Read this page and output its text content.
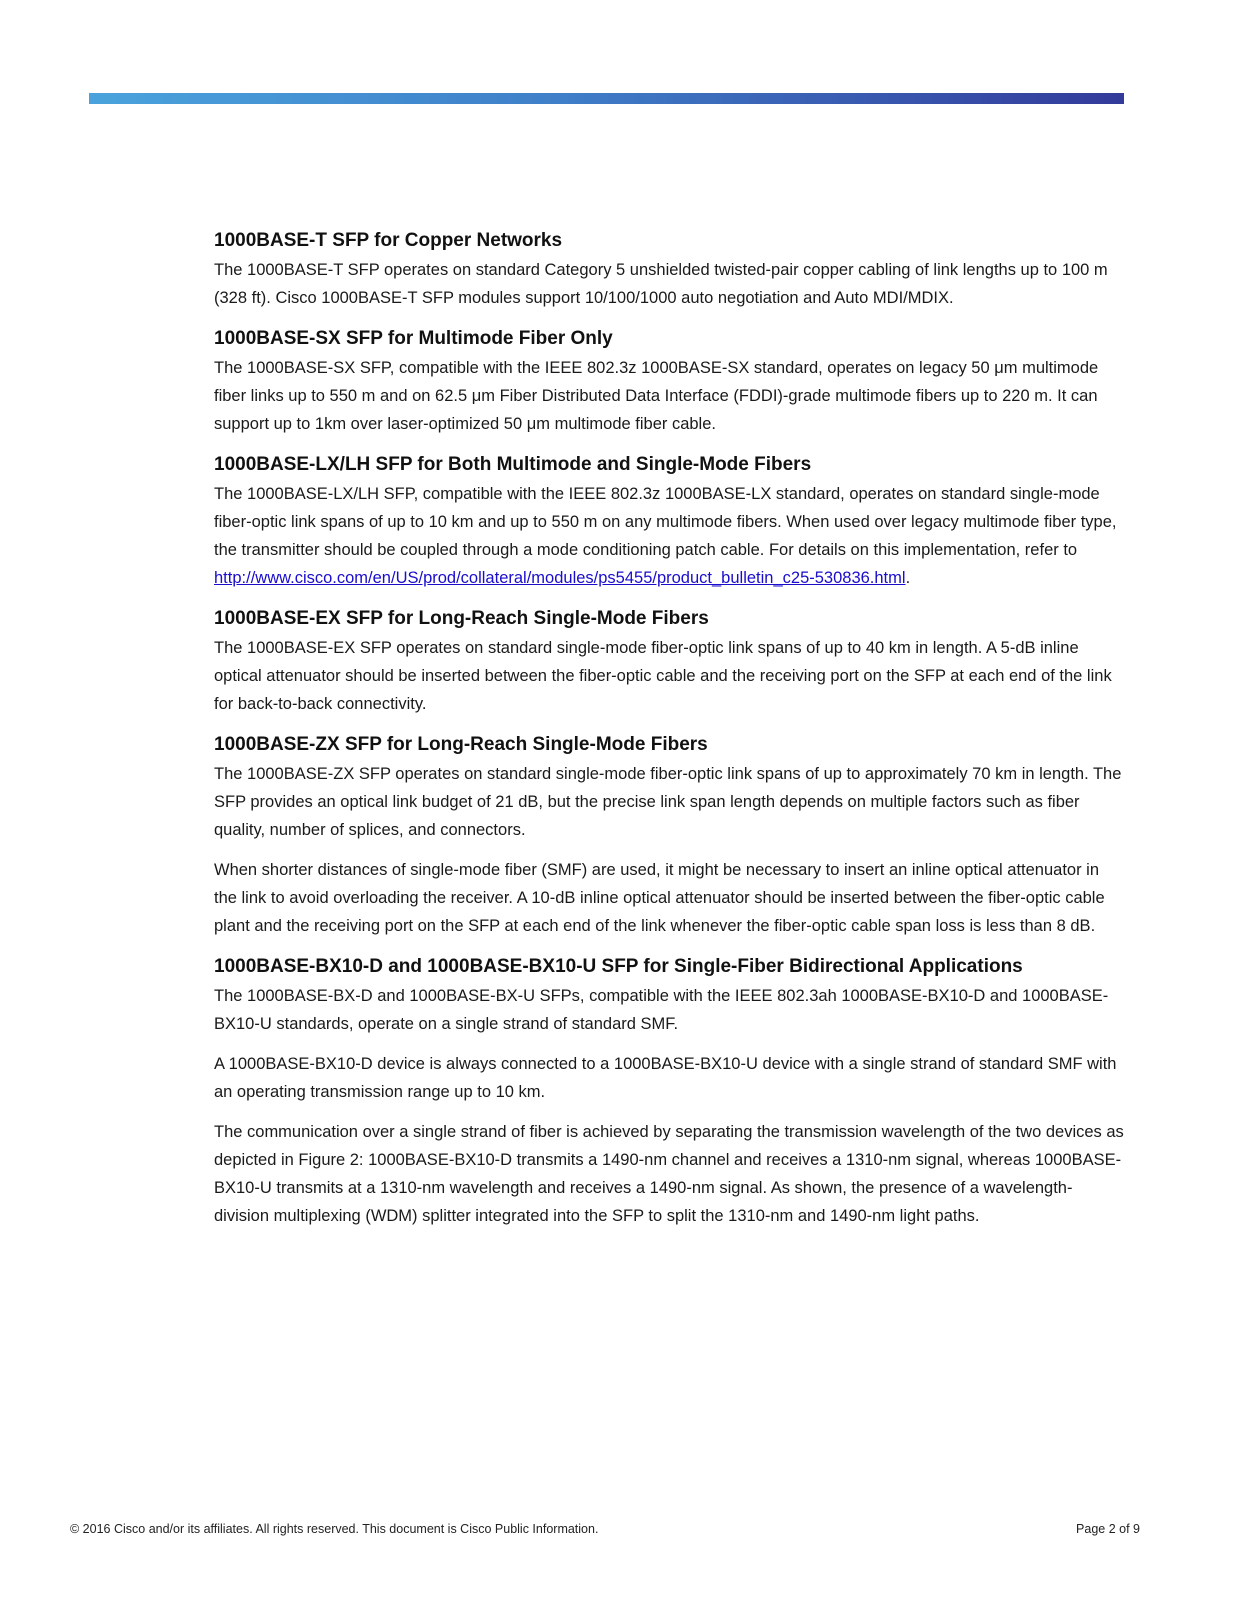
1000BASE-T SFP for Copper Networks

The 1000BASE-T SFP operates on standard Category 5 unshielded twisted-pair copper cabling of link lengths up to 100 m (328 ft). Cisco 1000BASE-T SFP modules support 10/100/1000 auto negotiation and Auto MDI/MDIX.

1000BASE-SX SFP for Multimode Fiber Only

The 1000BASE-SX SFP, compatible with the IEEE 802.3z 1000BASE-SX standard, operates on legacy 50 μm multimode fiber links up to 550 m and on 62.5 μm Fiber Distributed Data Interface (FDDI)-grade multimode fibers up to 220 m. It can support up to 1km over laser-optimized 50 μm multimode fiber cable.

1000BASE-LX/LH SFP for Both Multimode and Single-Mode Fibers

The 1000BASE-LX/LH SFP, compatible with the IEEE 802.3z 1000BASE-LX standard, operates on standard single-mode fiber-optic link spans of up to 10 km and up to 550 m on any multimode fibers. When used over legacy multimode fiber type, the transmitter should be coupled through a mode conditioning patch cable. For details on this implementation, refer to http://www.cisco.com/en/US/prod/collateral/modules/ps5455/product_bulletin_c25-530836.html.

1000BASE-EX SFP for Long-Reach Single-Mode Fibers

The 1000BASE-EX SFP operates on standard single-mode fiber-optic link spans of up to 40 km in length. A 5-dB inline optical attenuator should be inserted between the fiber-optic cable and the receiving port on the SFP at each end of the link for back-to-back connectivity.

1000BASE-ZX SFP for Long-Reach Single-Mode Fibers

The 1000BASE-ZX SFP operates on standard single-mode fiber-optic link spans of up to approximately 70 km in length. The SFP provides an optical link budget of 21 dB, but the precise link span length depends on multiple factors such as fiber quality, number of splices, and connectors.

When shorter distances of single-mode fiber (SMF) are used, it might be necessary to insert an inline optical attenuator in the link to avoid overloading the receiver. A 10-dB inline optical attenuator should be inserted between the fiber-optic cable plant and the receiving port on the SFP at each end of the link whenever the fiber-optic cable span loss is less than 8 dB.

1000BASE-BX10-D and 1000BASE-BX10-U SFP for Single-Fiber Bidirectional Applications

The 1000BASE-BX-D and 1000BASE-BX-U SFPs, compatible with the IEEE 802.3ah 1000BASE-BX10-D and 1000BASE-BX10-U standards, operate on a single strand of standard SMF.

A 1000BASE-BX10-D device is always connected to a 1000BASE-BX10-U device with a single strand of standard SMF with an operating transmission range up to 10 km.

The communication over a single strand of fiber is achieved by separating the transmission wavelength of the two devices as depicted in Figure 2: 1000BASE-BX10-D transmits a 1490-nm channel and receives a 1310-nm signal, whereas 1000BASE-BX10-U transmits at a 1310-nm wavelength and receives a 1490-nm signal. As shown, the presence of a wavelength-division multiplexing (WDM) splitter integrated into the SFP to split the 1310-nm and 1490-nm light paths.

© 2016 Cisco and/or its affiliates. All rights reserved. This document is Cisco Public Information.	Page 2 of 9
